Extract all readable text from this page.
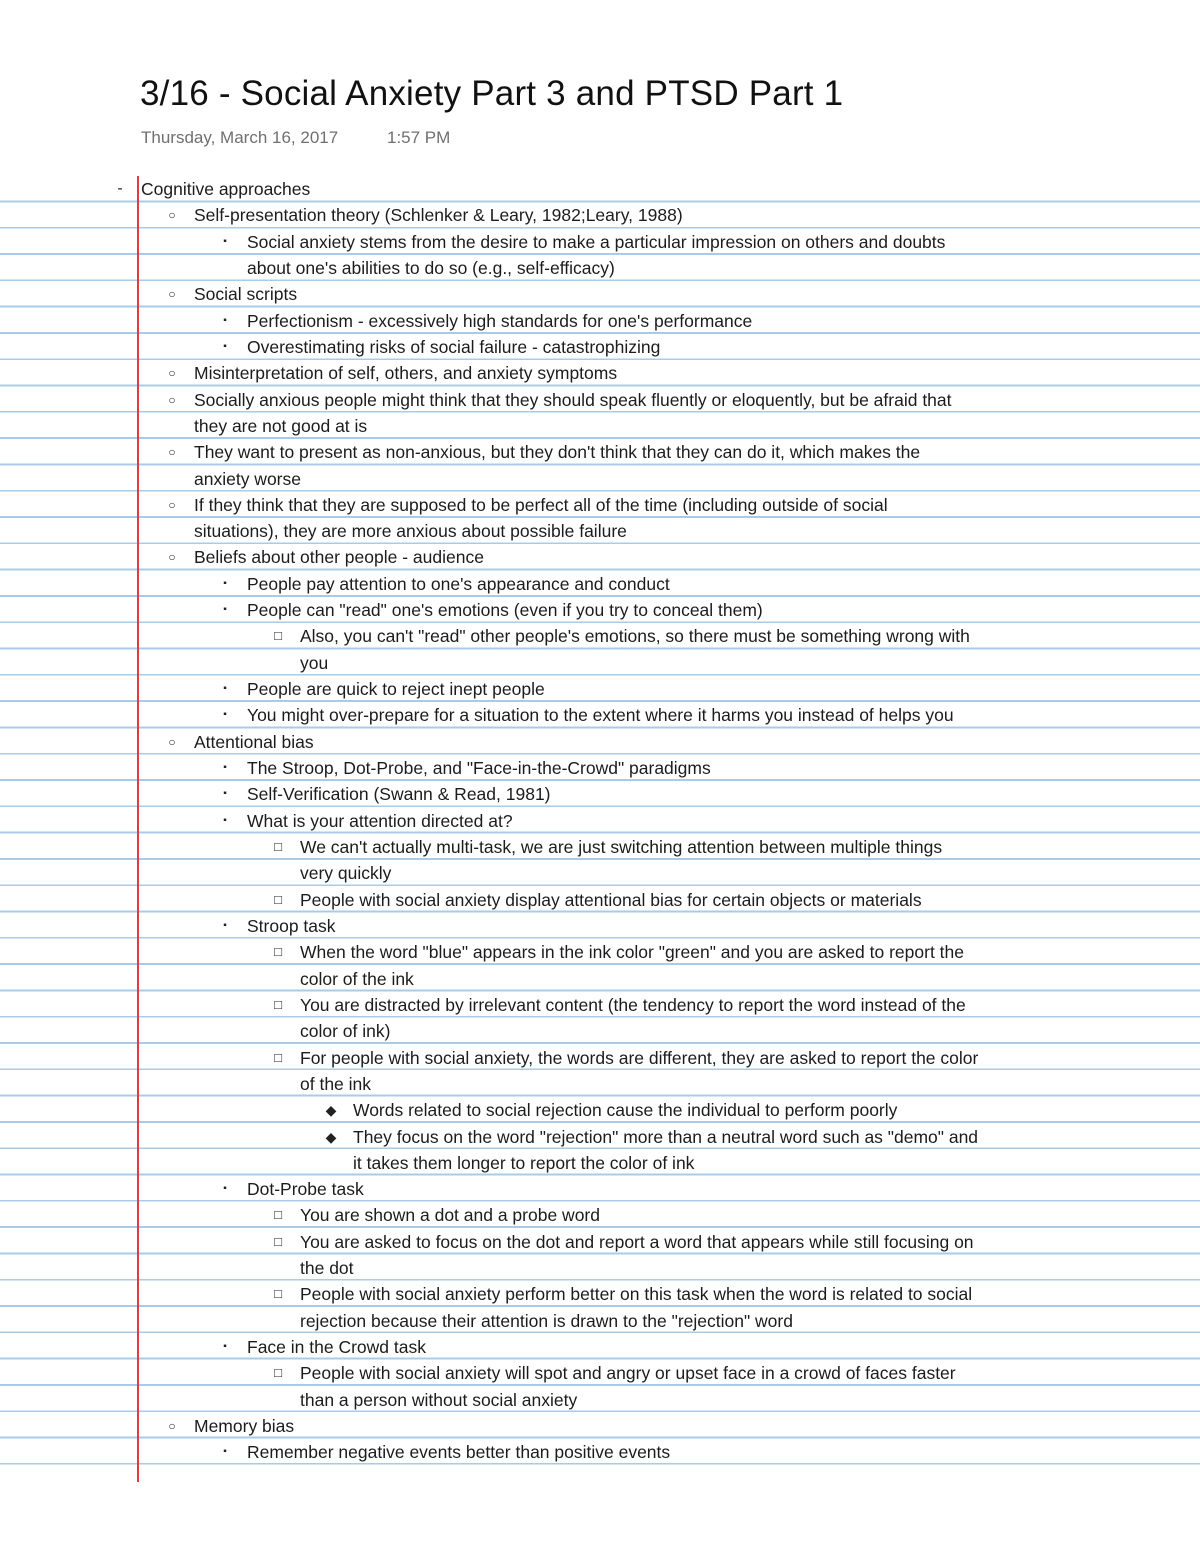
3/16 - Social Anxiety Part 3 and PTSD Part 1
Thursday, March 16, 2017	1:57 PM
- Cognitive approaches
○ Self-presentation theory (Schlenker & Leary, 1982;Leary, 1988)
▪ Social anxiety stems from the desire to make a particular impression on others and doubts
about one's abilities to do so (e.g., self-efficacy)
○ Social scripts
▪ Perfectionism - excessively high standards for one's performance
▪ Overestimating risks of social failure - catastrophizing
○ Misinterpretation of self, others, and anxiety symptoms
○ Socially anxious people might think that they should speak fluently or eloquently, but be afraid that
they are not good at is
○ They want to present as non-anxious, but they don't think that they can do it, which makes the
anxiety worse
○ If they think that they are supposed to be perfect all of the time (including outside of social
situations), they are more anxious about possible failure
○ Beliefs about other people - audience
▪ People pay attention to one's appearance and conduct
▪ People can "read" one's emotions (even if you try to conceal them)
□ Also, you can't "read" other people's emotions, so there must be something wrong with
you
▪ People are quick to reject inept people
▪ You might over-prepare for a situation to the extent where it harms you instead of helps you
○ Attentional bias
▪ The Stroop, Dot-Probe, and "Face-in-the-Crowd" paradigms
▪ Self-Verification (Swann & Read, 1981)
▪ What is your attention directed at?
□ We can't actually multi-task, we are just switching attention between multiple things
very quickly
□ People with social anxiety display attentional bias for certain objects or materials
▪ Stroop task
□ When the word "blue" appears in the ink color "green" and you are asked to report the
color of the ink
□ You are distracted by irrelevant content (the tendency to report the word instead of the
color of ink)
□ For people with social anxiety, the words are different, they are asked to report the color
of the ink
◆ Words related to social rejection cause the individual to perform poorly
◆ They focus on the word "rejection" more than a neutral word such as "demo" and
it takes them longer to report the color of ink
▪ Dot-Probe task
□ You are shown a dot and a probe word
□ You are asked to focus on the dot and report a word that appears while still focusing on
the dot
□ People with social anxiety perform better on this task when the word is related to social
rejection because their attention is drawn to the "rejection" word
▪ Face in the Crowd task
□ People with social anxiety will spot and angry or upset face in a crowd of faces faster
than a person without social anxiety
○ Memory bias
▪ Remember negative events better than positive events
